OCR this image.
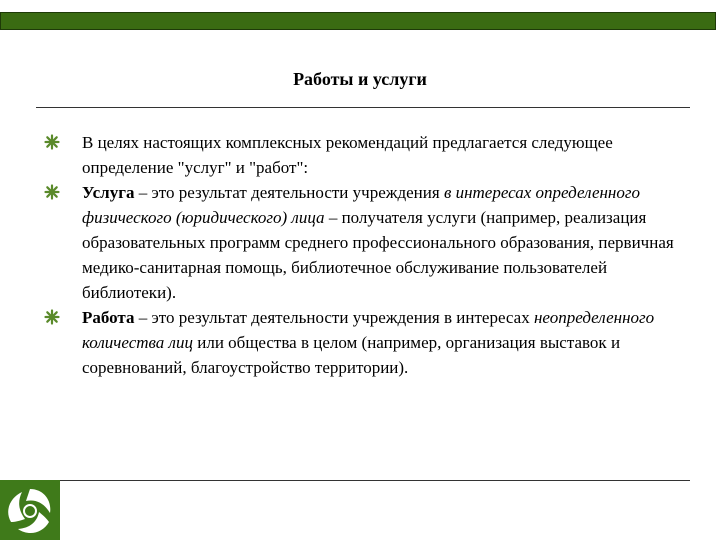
Работы и услуги
В целях настоящих комплексных рекомендаций предлагается следующее определение "услуг" и "работ":
Услуга – это результат деятельности учреждения в интересах определенного физического (юридического) лица – получателя услуги (например, реализация образовательных программ среднего профессионального образования, первичная медико-санитарная помощь, библиотечное обслуживание пользователей библиотеки).
Работа – это результат деятельности учреждения в интересах неопределенного количества лиц или общества в целом (например, организация выставок и соревнований, благоустройство территории).
